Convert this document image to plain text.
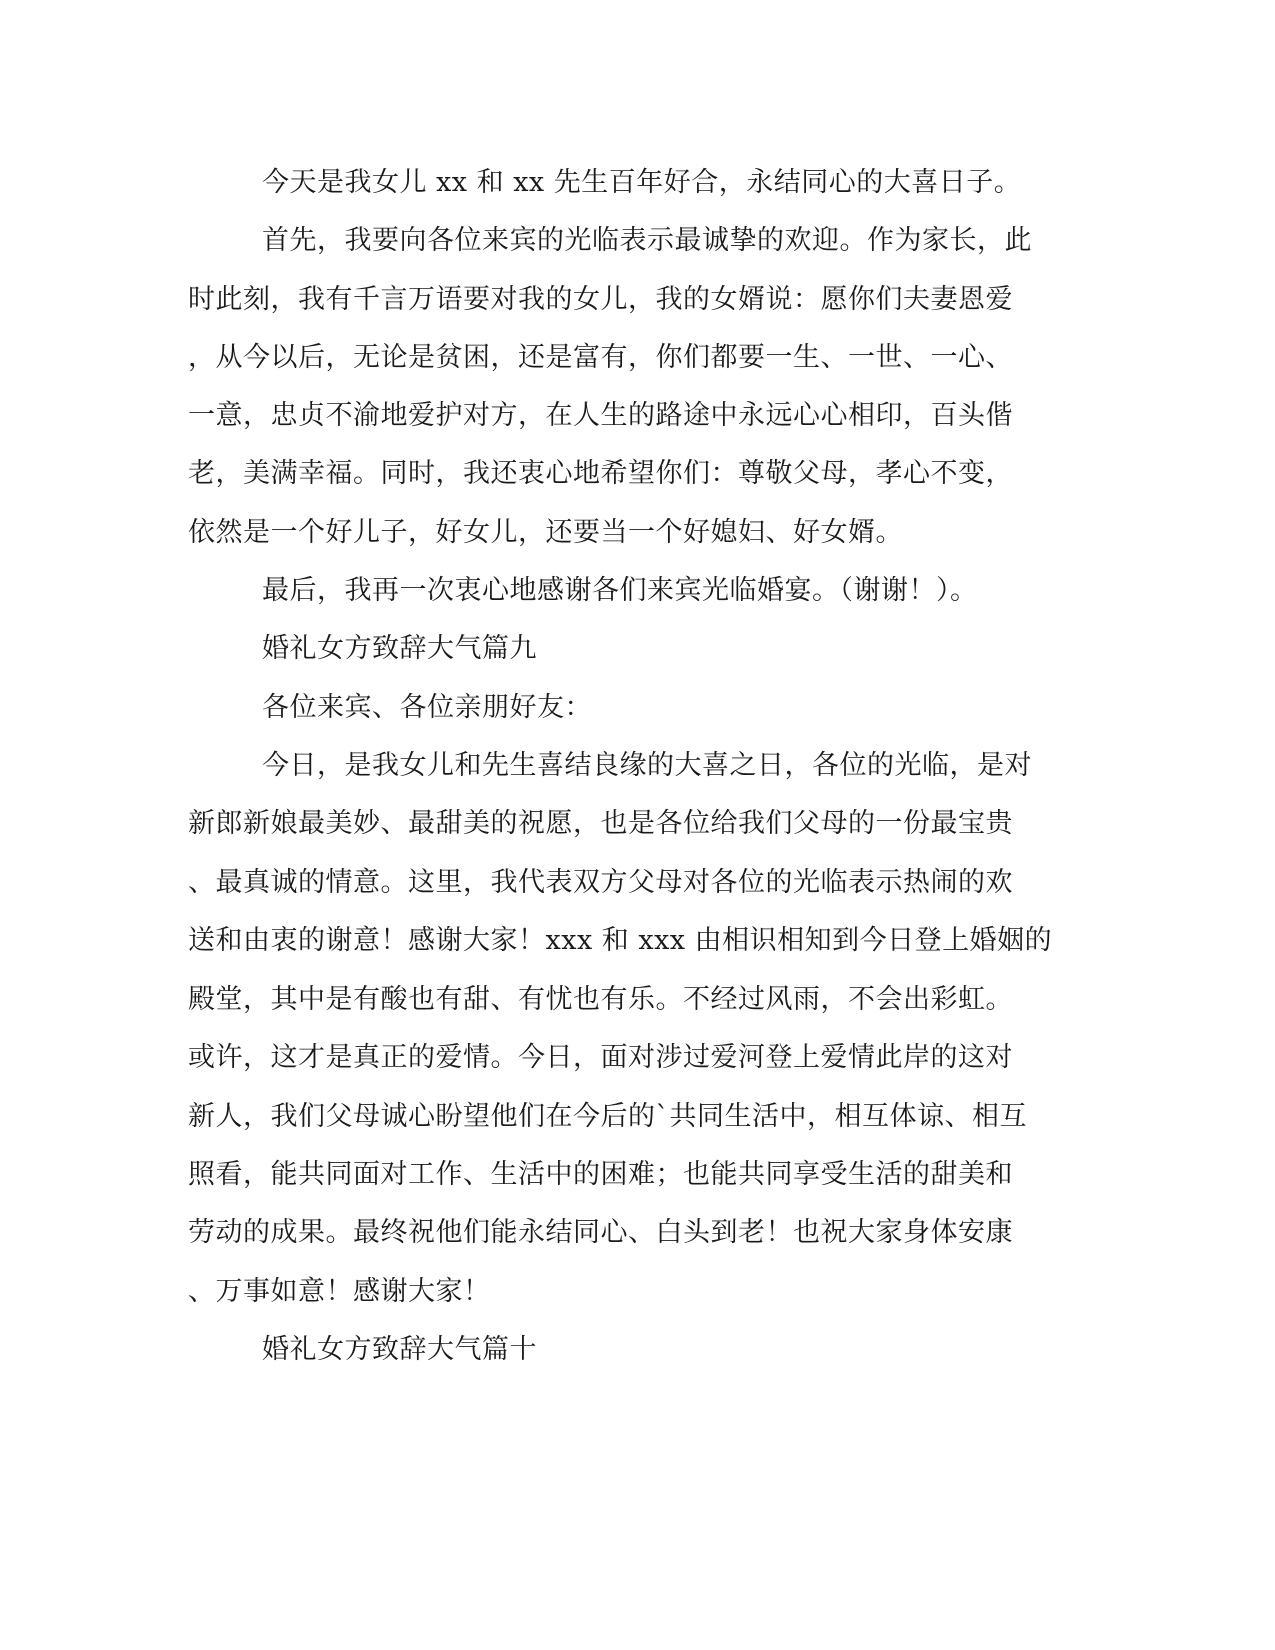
今天是我女儿 xx 和 xx 先生百年好合，永结同心的大喜日子。
首先，我要向各位来宾的光临表示最诚挚的欢迎。作为家长，此
时此刻，我有千言万语要对我的女儿，我的女婿说：愿你们夫妻恩爱
，从今以后，无论是贫困，还是富有，你们都要一生、一世、一心、
一意，忠贞不渝地爱护对方，在人生的路途中永远心心相印，百头偕
老，美满幸福。同时，我还衷心地希望你们：尊敬父母，孝心不变，
依然是一个好儿子，好女儿，还要当一个好媳妇、好女婿。
最后，我再一次衷心地感谢各们来宾光临婚宴。（谢谢！）。
婚礼女方致辞大气篇九
各位来宾、各位亲朋好友：
今日，是我女儿和先生喜结良缘的大喜之日，各位的光临，是对
新郎新娘最美妙、最甜美的祝愿，也是各位给我们父母的一份最宝贵
、最真诚的情意。这里，我代表双方父母对各位的光临表示热闹的欢
送和由衷的谢意！感谢大家！xxx 和 xxx 由相识相知到今日登上婚姻的
殿堂，其中是有酸也有甜、有忧也有乐。不经过风雨，不会出彩虹。
或许，这才是真正的爱情。今日，面对涉过爱河登上爱情此岸的这对
新人，我们父母诚心盼望他们在今后的`共同生活中，相互体谅、相互
照看，能共同面对工作、生活中的困难；也能共同享受生活的甜美和
劳动的成果。最终祝他们能永结同心、白头到老！也祝大家身体安康
、万事如意！感谢大家！
婚礼女方致辞大气篇十
